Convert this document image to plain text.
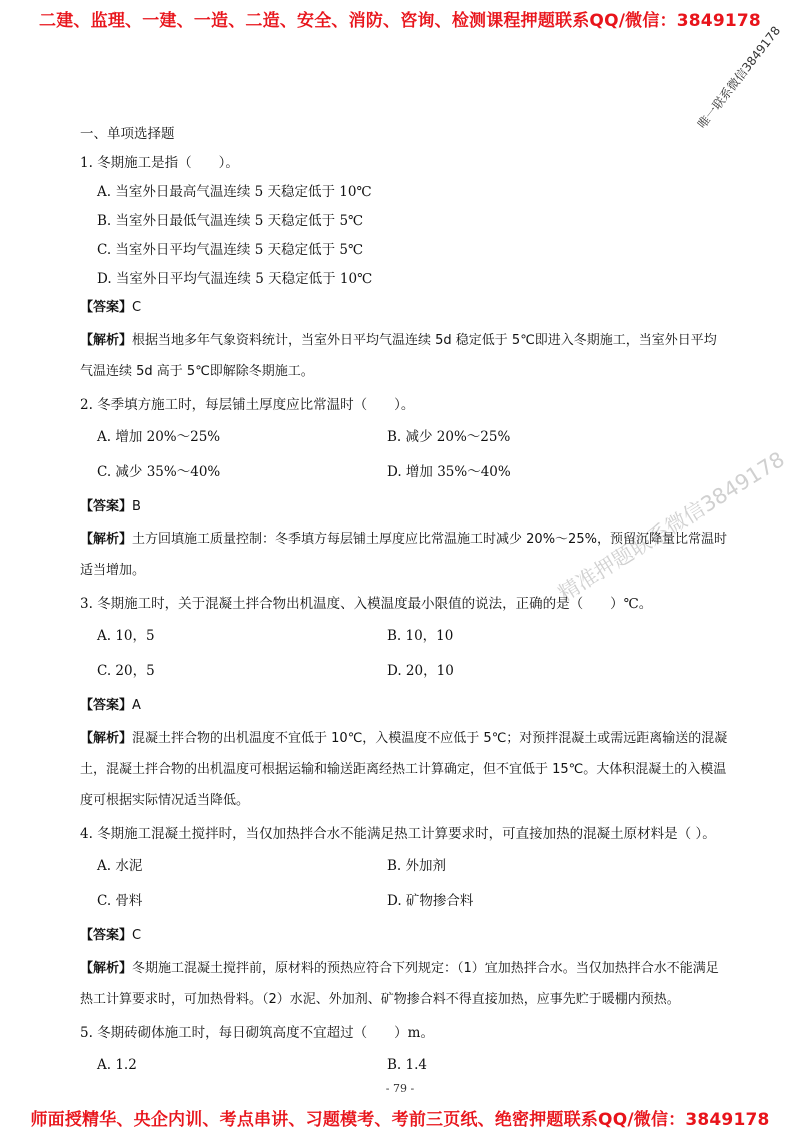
二建、监理、一建、一造、二造、安全、消防、咨询、检测课程押题联系QQ/微信：3849178
唯一联系微信3849178
精准押题联系微信3849178
一、单项选择题
1. 冬期施工是指（　　）。
A. 当室外日最高气温连续 5 天稳定低于 10℃
B. 当室外日最低气温连续 5 天稳定低于 5℃
C. 当室外日平均气温连续 5 天稳定低于 5℃
D. 当室外日平均气温连续 5 天稳定低于 10℃
【答案】C
【解析】根据当地多年气象资料统计，当室外日平均气温连续 5d 稳定低于 5℃即进入冬期施工，当室外日平均气温连续 5d 高于 5℃即解除冬期施工。
2. 冬季填方施工时，每层铺土厚度应比常温时（　　）。
A. 增加 20%～25%	B. 减少 20%～25%
C. 减少 35%～40%	D. 增加 35%～40%
【答案】B
【解析】土方回填施工质量控制：冬季填方每层铺土厚度应比常温施工时减少 20%～25%，预留沉降量比常温时适当增加。
3. 冬期施工时，关于混凝土拌合物出机温度、入模温度最小限值的说法，正确的是（　　）℃。
A. 10，5	B. 10，10
C. 20，5	D. 20，10
【答案】A
【解析】混凝土拌合物的出机温度不宜低于 10℃，入模温度不应低于 5℃；对预拌混凝土或需远距离输送的混凝土，混凝土拌合物的出机温度可根据运输和输送距离经热工计算确定，但不宜低于 15℃。大体积混凝土的入模温度可根据实际情况适当降低。
4. 冬期施工混凝土搅拌时，当仅加热拌合水不能满足热工计算要求时，可直接加热的混凝土原材料是（ ）。
A. 水泥	B. 外加剂
C. 骨料	D. 矿物掺合料
【答案】C
【解析】冬期施工混凝土搅拌前，原材料的预热应符合下列规定：（1）宜加热拌合水。当仅加热拌合水不能满足热工计算要求时，可加热骨料。（2）水泥、外加剂、矿物掺合料不得直接加热，应事先贮于暖棚内预热。
5. 冬期砖砌体施工时，每日砌筑高度不宜超过（　　）m。
A. 1.2	B. 1.4
- 79 -
师面授精华、央企内训、考点串讲、习题模考、考前三页纸、绝密押题联系QQ/微信：3849178
